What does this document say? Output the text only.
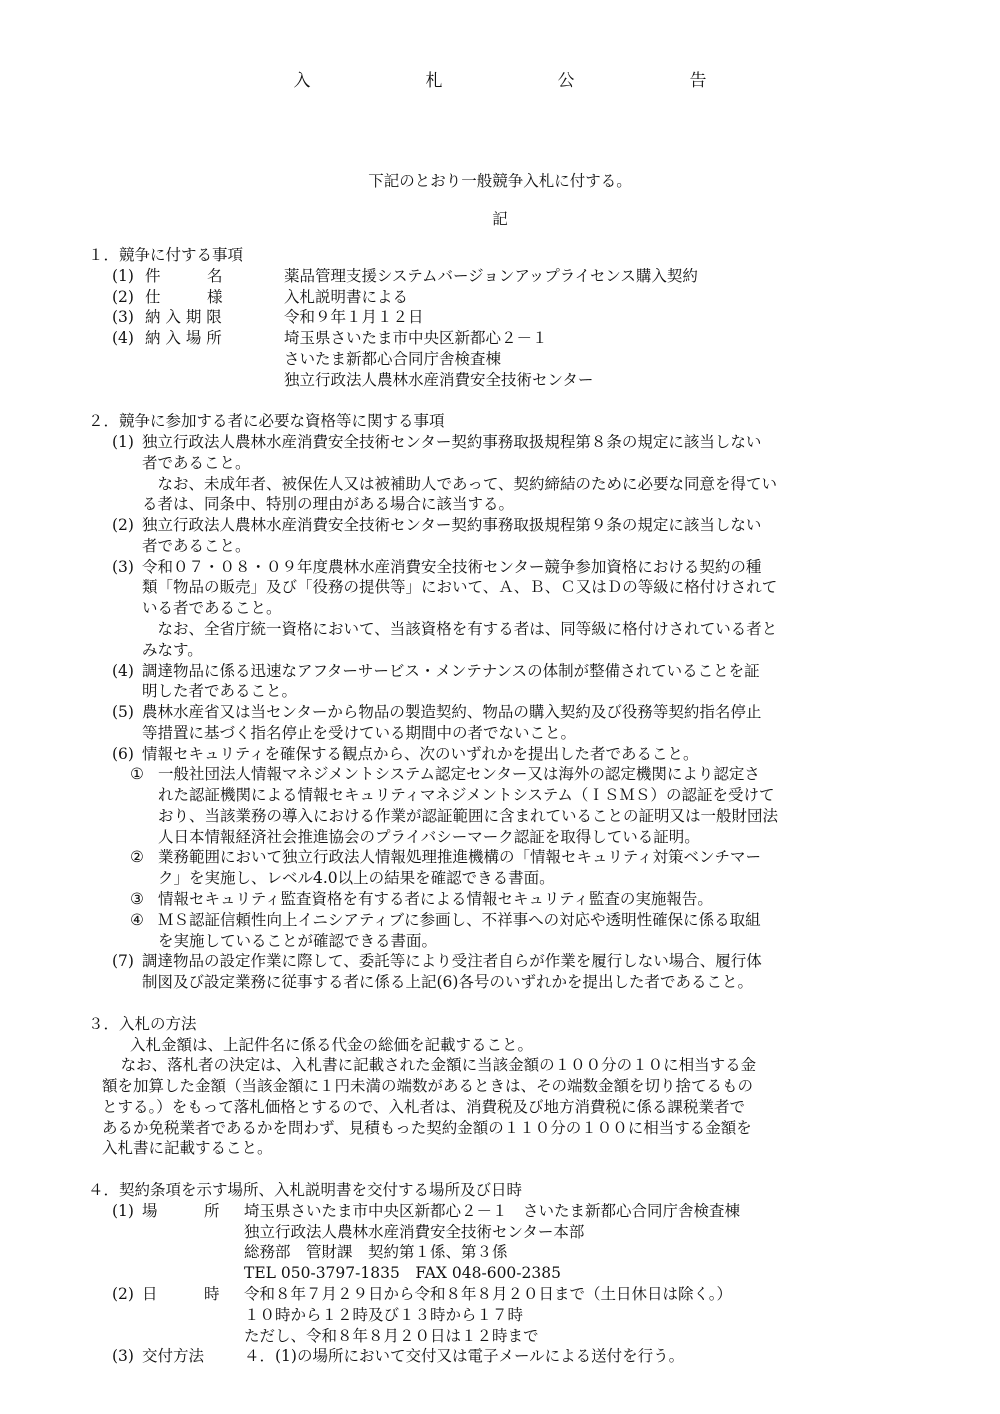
入	札	公	告
下記のとおり一般競争入札に付する。
記
１．競争に付する事項
(1) 件　　　名	薬品管理支援システムバージョンアップライセンス購入契約
(2) 仕　　　様	入札説明書による
(3) 納 入 期 限	令和９年１月１２日
(4) 納 入 場 所	埼玉県さいたま市中央区新都心２－１
さいたま新都心合同庁舎検査棟
独立行政法人農林水産消費安全技術センター
２．競争に参加する者に必要な資格等に関する事項
(1) 独立行政法人農林水産消費安全技術センター契約事務取扱規程第８条の規定に該当しない
者であること。
なお、未成年者、被保佐人又は被補助人であって、契約締結のために必要な同意を得てい
る者は、同条中、特別の理由がある場合に該当する。
(2) 独立行政法人農林水産消費安全技術センター契約事務取扱規程第９条の規定に該当しない
者であること。
(3) 令和０７・０８・０９年度農林水産消費安全技術センター競争参加資格における契約の種
類「物品の販売」及び「役務の提供等」において、Ａ、Ｂ、Ｃ又はＤの等級に格付けされて
いる者であること。
なお、全省庁統一資格において、当該資格を有する者は、同等級に格付けされている者と
みなす。
(4) 調達物品に係る迅速なアフターサービス・メンテナンスの体制が整備されていることを証
明した者であること。
(5) 農林水産省又は当センターから物品の製造契約、物品の購入契約及び役務等契約指名停止
等措置に基づく指名停止を受けている期間中の者でないこと。
(6) 情報セキュリティを確保する観点から、次のいずれかを提出した者であること。
① 一般社団法人情報マネジメントシステム認定センター又は海外の認定機関により認定さ
れた認証機関による情報セキュリティマネジメントシステム（ＩＳＭＳ）の認証を受けて
おり、当該業務の導入における作業が認証範囲に含まれていることの証明又は一般財団法
人日本情報経済社会推進協会のプライバシーマーク認証を取得している証明。
② 業務範囲において独立行政法人情報処理推進機構の「情報セキュリティ対策ベンチマー
ク」を実施し、レベル4.0以上の結果を確認できる書面。
③ 情報セキュリティ監査資格を有する者による情報セキュリティ監査の実施報告。
④ ＭＳ認証信頼性向上イニシアティブに参画し、不祥事への対応や透明性確保に係る取組
を実施していることが確認できる書面。
(7) 調達物品の設定作業に際して、委託等により受注者自らが作業を履行しない場合、履行体
制図及び設定業務に従事する者に係る上記(6)各号のいずれかを提出した者であること。
３．入札の方法
入札金額は、上記件名に係る代金の総価を記載すること。
なお、落札者の決定は、入札書に記載された金額に当該金額の１００分の１０に相当する金
額を加算した金額（当該金額に１円未満の端数があるときは、その端数金額を切り捨てるもの
とする。）をもって落札価格とするので、入札者は、消費税及び地方消費税に係る課税業者で
あるか免税業者であるかを問わず、見積もった契約金額の１１０分の１００に相当する金額を
入札書に記載すること。
４．契約条項を示す場所、入札説明書を交付する場所及び日時
(1) 場　　　所	埼玉県さいたま市中央区新都心２－１　さいたま新都心合同庁舎検査棟
独立行政法人農林水産消費安全技術センター本部
総務部　管財課　契約第１係、第３係
TEL 050-3797-1835　FAX 048-600-2385
(2) 日　　　時	令和８年７月２９日から令和８年８月２０日まで（土日休日は除く。）
１０時から１２時及び１３時から１７時
ただし、令和８年８月２０日は１２時まで
(3) 交付方法	４．(1)の場所において交付又は電子メールによる送付を行う。
